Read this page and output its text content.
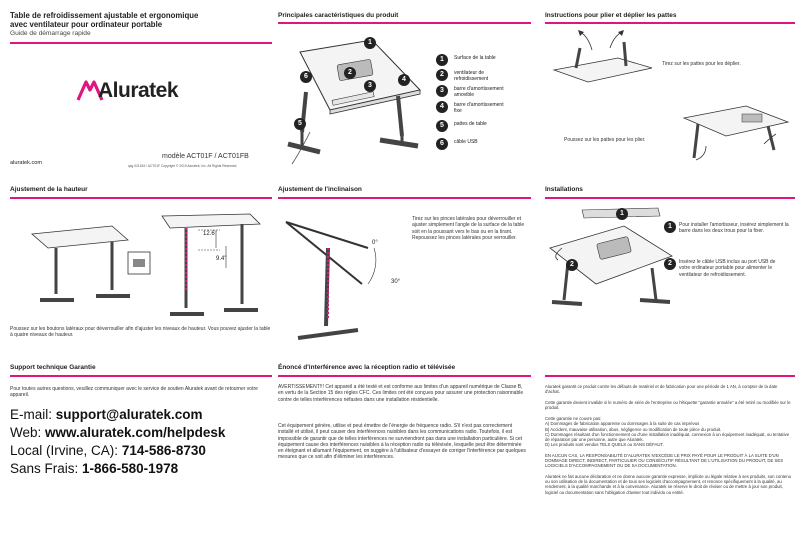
Table de refroidissement ajustable et ergonomique
avec ventilateur pour ordinateur portable
Guide de démarrage rapide
Aluratek
aluratek.com
modèle ACT01F / ACT01FB
qsg 021619 / ACT01F Copyright © 2019 Aluratek, Inc. All Rights Reserved.
Principales caractéristiques du produit
1
2
3
4
6
5
1	Surface de la table
2	ventilateur de refroidissement
3	barre d'amortissement amovible
4	barre d'amortissement fixe
5	pattes de table
6	câble USB
Instructions pour plier et déplier les pattes
Tirez sur les pattes pour les déplier.
Poussez sur les pattes pour les plier.
Ajustement de la hauteur
12.6"
9.4"
Poussez sur les boutons latéraux pour déverrouiller afin d'ajuster les niveaux de hauteur. Vous pouvez ajuster la table à quatre niveaux de hauteur.
Ajustement de l'inclinaison
0°
30°
Tirez sur les pinces latérales pour déverrouiller et ajuster simplement l'angle de la surface de la table soit en la poussant vers le bas ou en la tirant. Repoussez les pinces latérales pour verrouiller.
Installations
1
2
1	Pour installer l'amortisseur, insérez simplement la barre dans les deux trous pour la fixer.
2	Insérez le câble USB inclus au port USB de votre ordinateur portable pour alimenter le ventilateur de refroidissement.
Support technique Garantie
Pour toutes autres questions, veuillez communiquer avec le service de soutien Aluratek avant de retourner votre appareil.
E-mail: support@aluratek.com
Web: www.aluratek.com/helpdesk
Local (Irvine, CA): 714-586-8730
Sans Frais: 1-866-580-1978
Énoncé d'interférence avec la réception radio et télévisée
AVERTISSEMENT!!! Cet appareil a été testé et est conforme aux limites d'un appareil numérique de Classe B, en vertu de la Section 15 des règles CFC. Ces limites ont été conçues pour assurer une protection raisonnable contre de telles interférences néfastes dans une installation résidentielle.
Cet équipement génère, utilise et peut émettre de l'énergie de fréquence radio. S'il n'est pas correctement installé et utilisé, il peut causer des interférences nuisibles dans les communications radio. Toutefois, il est impossible de garantir que de telles interférences ne survriendront pas dans une installation particulière. Si cet équipement cause des interférences nuisibles à la réception radio ou télévisée, lesquelle peut être déterminée en éteignant et allumant l'équipement, on suggère à l'utilisateur d'essayer de corriger l'interférence par quelques mesures que ce soit afin d'éliminer les interférences.

Aluratek garantit ce produit contre les défauts de matériel et de fabrication pour une période de 1 AN, à compter de la date d'achat.

Cette garantie devient invalide si le numéro de série de l'entreprise ou l'étiquette "garantie annulée" a été retiré ou modifiée sur le produit.

Cette garantie ne couvre pas:
A) Dommages de fabrication apparente ou dommages à la suite de cas imprévus
B) Accident, mauvaise utilisation, abus, négligence ou modification de toute pièce du produit.
C) Dommages résultant d'un fonctionnement ou d'une installation inadéquat, connexion à un équipement inadéquat, ou tentative de réparation par une personne, autre que Aluratek.
D) Les produits sont vendus TELS QUELS ou SANS DÉFAUT.

EN AUCUN CAS, LA RESPONSABILITÉ D'ALURATEK N'EXCÈDE LE PRIX PAYÉ POUR LE PRODUIT À LA SUITE D'UN DOMMAGE DIRECT, INDIRECT, PARTICULIER OU CONSÉCUTIF RÉSULTANT DE L'UTILISATION DU PRODUIT, DE SES LOGICIELS D'ACCOMPAGNEMENT OU DE SA DOCUMENTATION.

Aluratek ne fait aucune déclaration et ne donne aucune garantie expresse, implicite ou légale relative à ses produits, son contenu ou son utilisation de la documentation et de tous ses logiciels d'accompagnement, et renonce spécifiquement à la qualité, au rendement, à la qualité marchande et à la convenance. Aluratek se réserve le droit de réviser ou de mettre à jour son produit, logiciel ou documentation sans l'obligation d'aviser tout individu ou entité.
